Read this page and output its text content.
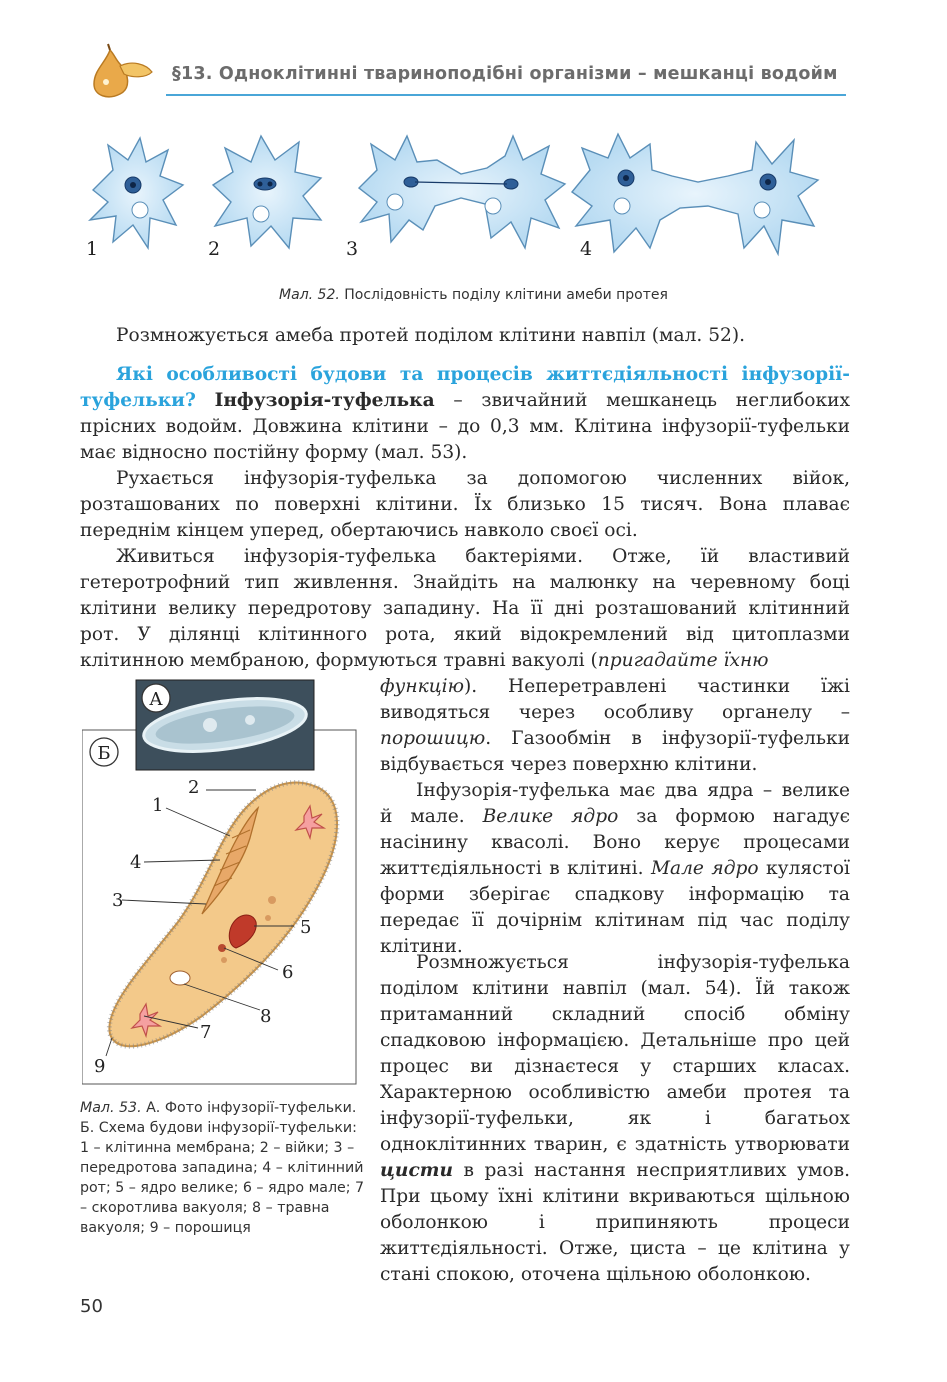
§13. Одноклітинні твариноподібні організми – мешканці водойм
1	2	3	4
Мал. 52. Послідовність поділу клітини амеби протея
Розмножується амеба протей поділом клітини навпіл (мал. 52).
Які особливості будови та процесів життєдіяльності інфузорії-туфельки? Інфузорія-туфелька – звичайний мешканець неглибоких прісних водойм. Довжина клітини – до 0,3 мм. Клітина інфузорії-туфельки має відносно постійну форму (мал. 53).
Рухається інфузорія-туфелька за допомогою численних війок, розташованих по поверхні клітини. Їх близько 15 тисяч. Вона плаває переднім кінцем уперед, обертаючись навколо своєї осі.
Живиться інфузорія-туфелька бактеріями. Отже, їй властивий гетеротрофний тип живлення. Знайдіть на малюнку на черевному боці клітини велику передротову западину. На її дні розташований клітинний рот. У ділянці клітинного рота, який відокремлений від цитоплазми клітинною мембраною, формуються травні вакуолі (пригадайте їхню
функцію). Неперетравлені частинки їжі виводяться через особливу органелу – порошицю. Газообмін в інфузорії-туфельки відбувається через поверхню клітини.
Інфузорія-туфелька має два ядра – велике й мале. Велике ядро за формою нагадує насінину квасолі. Воно керує процесами життєдіяльності в клітині. Мале ядро кулястої форми зберігає спадкову інформацію та передає її дочірнім клітинам під час поділу клітини.
Розмножується інфузорія-туфелька поділом клітини навпіл (мал. 54). Їй також притаманний складний спосіб обміну спадковою інформацією. Детальніше про цей процес ви дізнаєтеся у старших класах. Характерною особливістю амеби протея та інфузорії-туфельки, як і багатьох одноклітинних тварин, є здатність утворювати цисти в разі настання несприятливих умов. При цьому їхні клітини вкриваються щільною оболонкою і припиняють процеси життєдіяльності. Отже, циста – це клітина у стані спокою, оточена щільною оболонкою.
А
Б
1
2
3
4
5
6
7
8
9
Мал. 53. А. Фото інфузорії-туфельки. Б. Схема будови інфузорії-туфельки: 1 – клітинна мембрана; 2 – війки; 3 – передротова западина; 4 – клітинний рот; 5 – ядро велике; 6 – ядро мале; 7 – скоротлива вакуоля; 8 – травна вакуоля; 9 – порошиця
50
